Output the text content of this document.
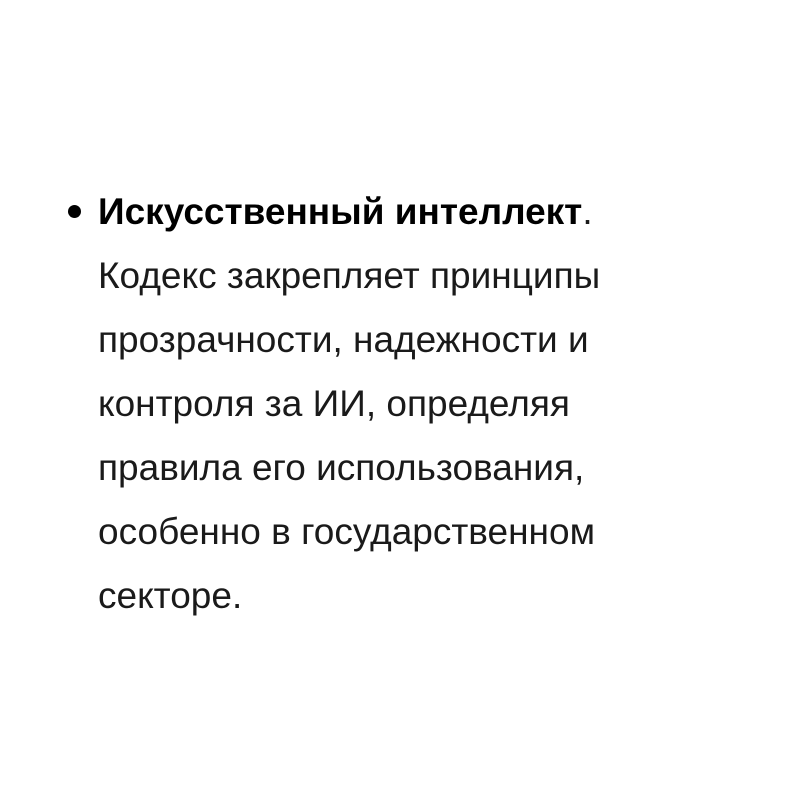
Искусственный интеллект.
Кодекс закрепляет принципы
прозрачности, надежности и
контроля за ИИ, определяя
правила его использования,
особенно в государственном
секторе.
